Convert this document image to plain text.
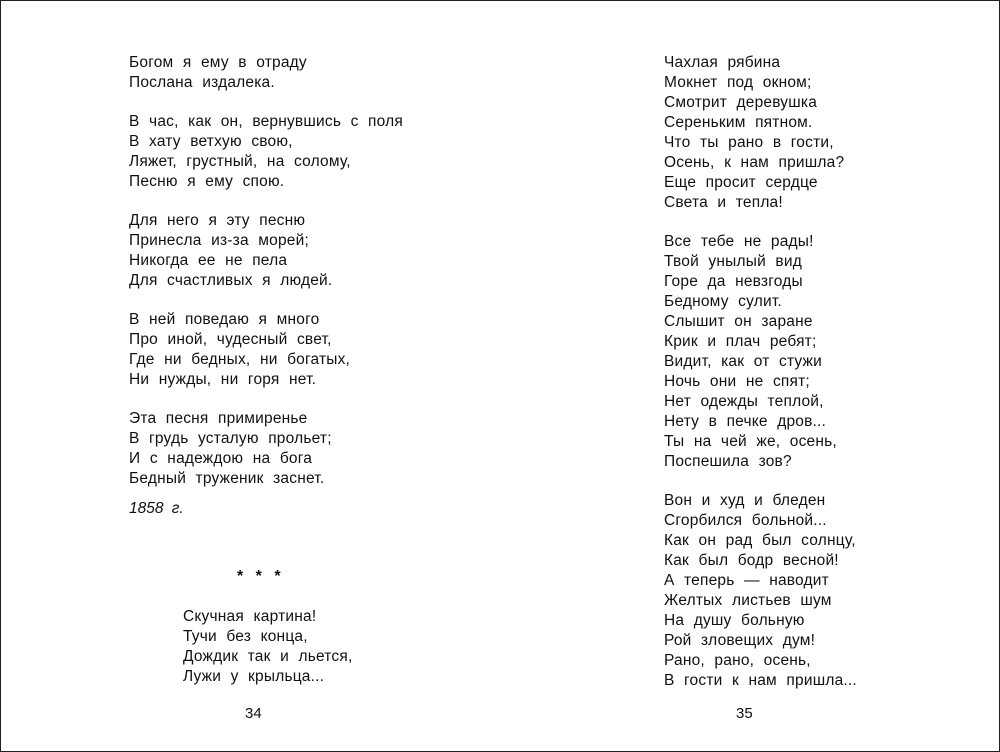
Богом я ему в отраду
Послана издалека.
В час, как он, вернувшись с поля
В хату ветхую свою,
Ляжет, грустный, на солому,
Песню я ему спою.
Для него я эту песню
Принесла из-за морей;
Никогда ее не пела
Для счастливых я людей.
В ней поведаю я много
Про иной, чудесный свет,
Где ни бедных, ни богатых,
Ни нужды, ни горя нет.
Эта песня примиренье
В грудь усталую прольет;
И с надеждою на бога
Бедный труженик заснет.
1858 г.
* * *
Скучная картина!
Тучи без конца,
Дождик так и льется,
Лужи у крыльца...
34
Чахлая рябина
Мокнет под окном;
Смотрит деревушка
Сереньким пятном.
Что ты рано в гости,
Осень, к нам пришла?
Еще просит сердце
Света и тепла!
Все тебе не рады!
Твой унылый вид
Горе да невзгоды
Бедному сулит.
Слышит он заране
Крик и плач ребят;
Видит, как от стужи
Ночь они не спят;
Нет одежды теплой,
Нету в печке дров...
Ты на чей же, осень,
Поспешила зов?
Вон и худ и бледен
Сгорбился больной...
Как он рад был солнцу,
Как был бодр весной!
А теперь — наводит
Желтых листьев шум
На душу больную
Рой зловещих дум!
Рано, рано, осень,
В гости к нам пришла...
35
